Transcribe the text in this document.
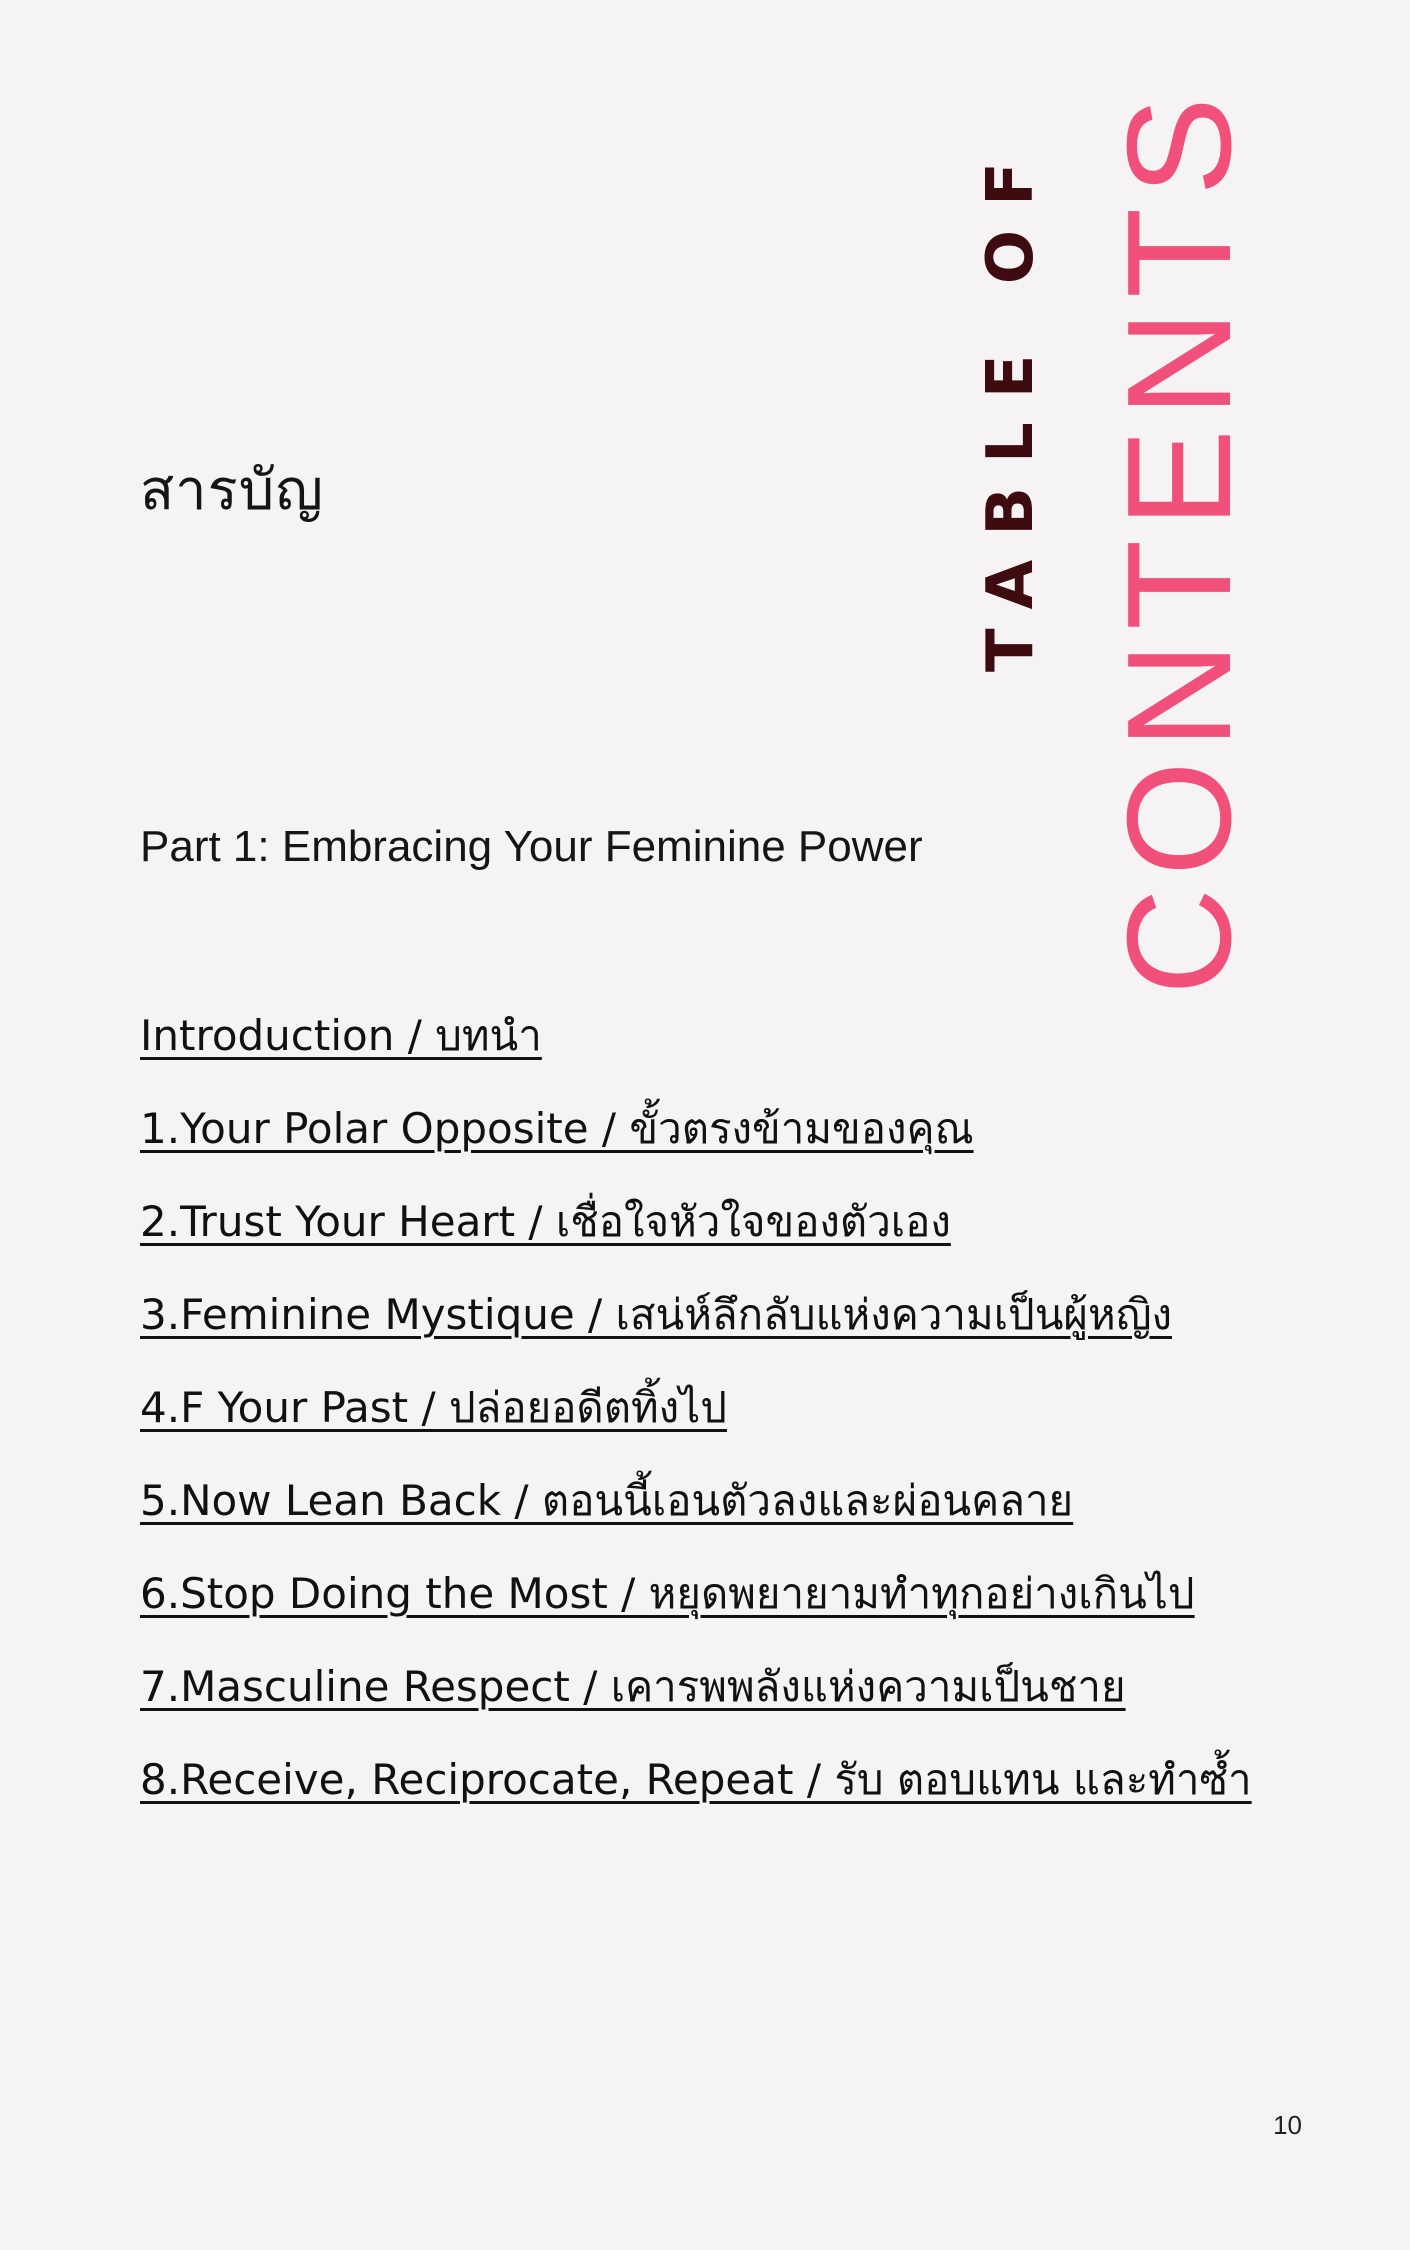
สารบัญ	TABLE OF CONTENTS
Part 1: Embracing Your Feminine Power
Introduction / บทนำ
1.Your Polar Opposite / ขั้วตรงข้ามของคุณ
2.Trust Your Heart / เชื่อใจหัวใจของตัวเอง
3.Feminine Mystique / เสน่ห์ลึกลับแห่งความเป็นผู้หญิง
4.F Your Past / ปล่อยอดีตทิ้งไป
5.Now Lean Back / ตอนนี้เอนตัวลงและผ่อนคลาย
6.Stop Doing the Most / หยุดพยายามทำทุกอย่างเกินไป
7.Masculine Respect / เคารพพลังแห่งความเป็นชาย
8.Receive, Reciprocate, Repeat / รับ ตอบแทน และทำซ้ำ
10
